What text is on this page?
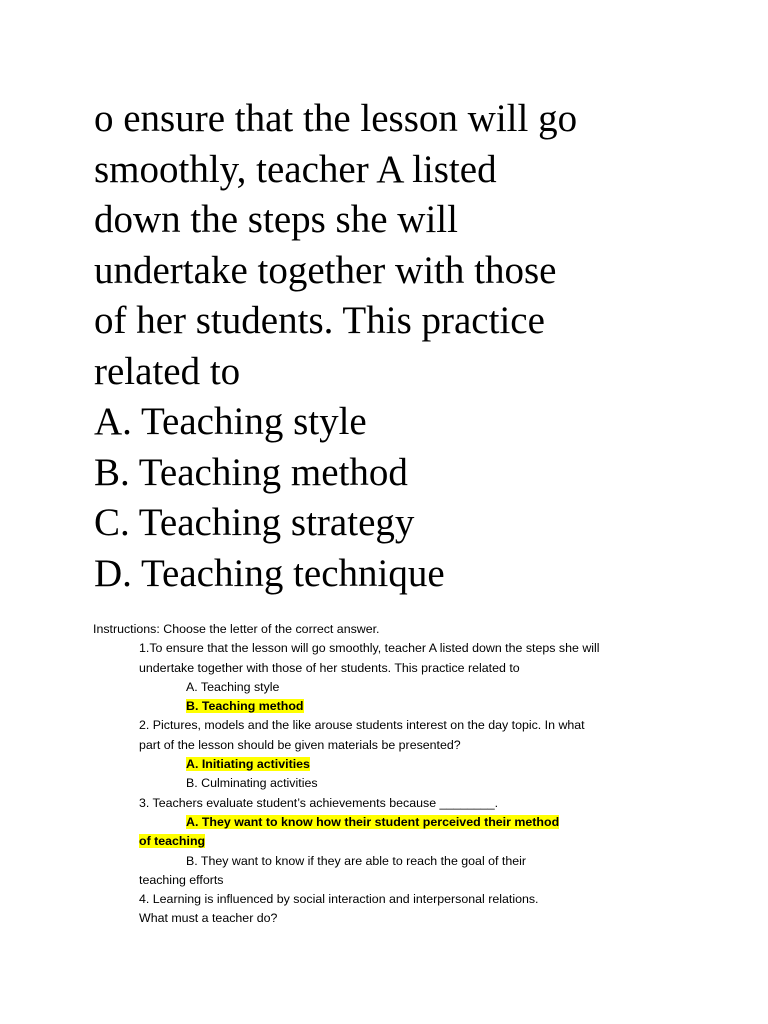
o ensure that the lesson will go
smoothly, teacher A listed
down the steps she will
undertake together with those
of her students. This practice
related to
A. Teaching style
B. Teaching method
C. Teaching strategy
D. Teaching technique
Instructions: Choose the letter of the correct answer.
1.To ensure that the lesson will go smoothly, teacher A listed down the steps she will
undertake together with those of her students. This practice related to
A. Teaching style
B. Teaching method
2. Pictures, models and the like arouse students interest on the day topic. In what
part of the lesson should be given materials be presented?
A. Initiating activities
B. Culminating activities
3. Teachers evaluate student’s achievements because ________.
A. They want to know how their student perceived their method
of teaching
B. They want to know if they are able to reach the goal of their
teaching efforts
4. Learning is influenced by social interaction and interpersonal relations.
What must a teacher do?
